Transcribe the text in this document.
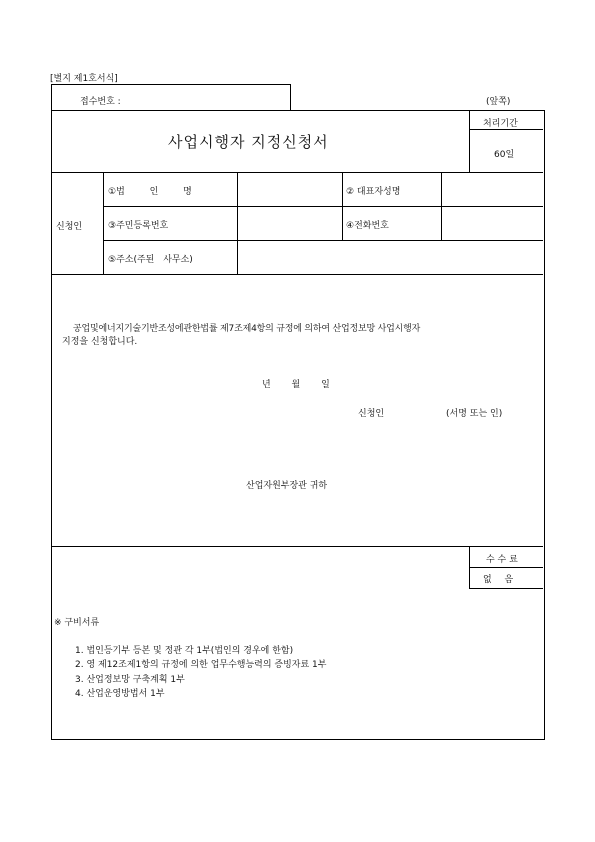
[별지 제1호서식]
접수번호 :	(앞쪽)
사업시행자 지정신청서
처리기간
60일
신청인
①법 인 명	② 대표자성명
③주민등록번호	④전화번호
⑤주소(주된 사무소)
공업및에너지기술기반조성에관한법률 제7조제4항의 규정에 의하여 산업정보망 사업시행자
지정을 신청합니다.
년 월 일
신청인	(서명 또는 인)
산업자원부장관 귀하
수 수 료
없 음
※ 구비서류
1. 법인등기부 등본 및 정관 각 1부(법인의 경우에 한함)
2. 영 제12조제1항의 규정에 의한 업무수행능력의 증빙자료 1부
3. 산업정보망 구축계획 1부
4. 산업운영방법서 1부
